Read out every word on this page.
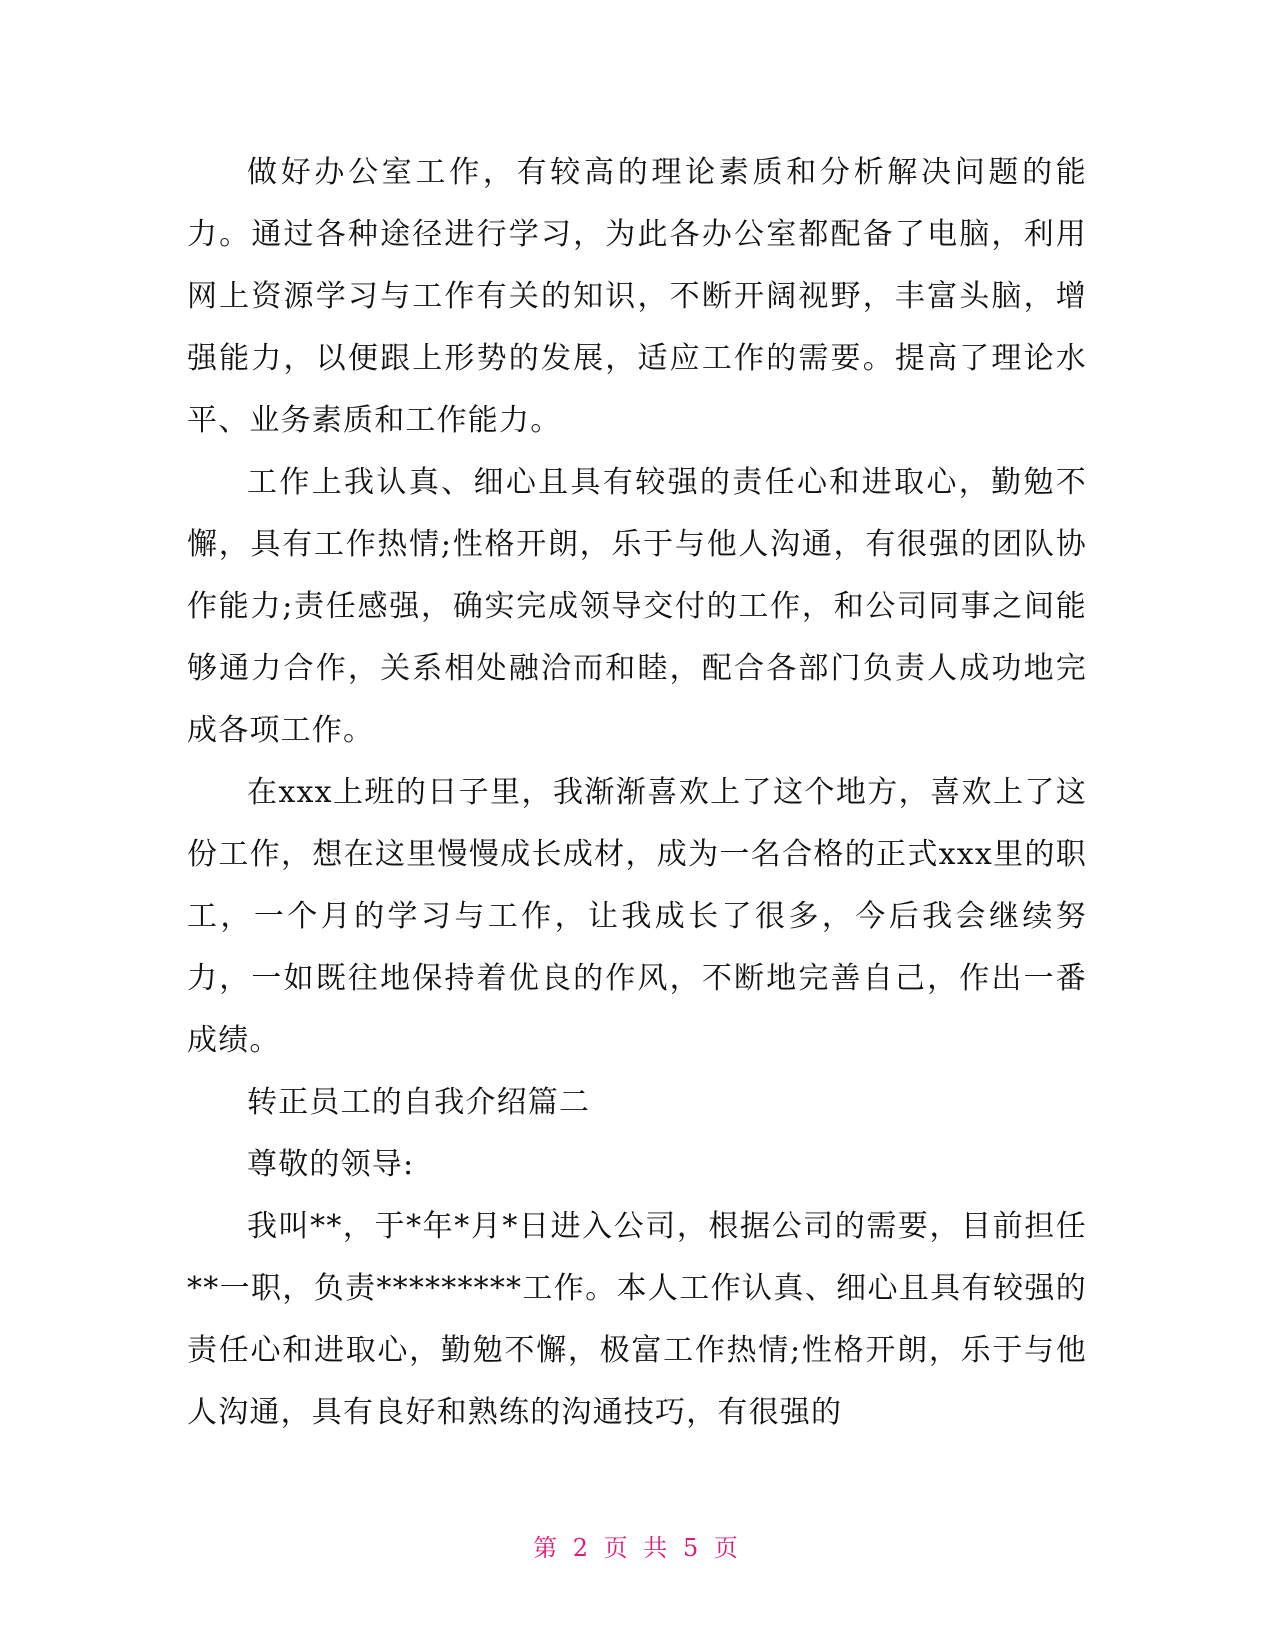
做好办公室工作，有较高的理论素质和分析解决问题的能力。通过各种途径进行学习，为此各办公室都配备了电脑，利用网上资源学习与工作有关的知识，不断开阔视野，丰富头脑，增强能力，以便跟上形势的发展，适应工作的需要。提高了理论水平、业务素质和工作能力。

工作上我认真、细心且具有较强的责任心和进取心，勤勉不懈，具有工作热情;性格开朗，乐于与他人沟通，有很强的团队协作能力;责任感强，确实完成领导交付的工作，和公司同事之间能够通力合作，关系相处融洽而和睦，配合各部门负责人成功地完成各项工作。

在xxx上班的日子里，我渐渐喜欢上了这个地方，喜欢上了这份工作，想在这里慢慢成长成材，成为一名合格的正式xxx里的职工，一个月的学习与工作，让我成长了很多，今后我会继续努力，一如既往地保持着优良的作风，不断地完善自己，作出一番成绩。

转正员工的自我介绍篇二

尊敬的领导:

我叫**，于*年*月*日进入公司，根据公司的需要，目前担任**一职，负责*********工作。本人工作认真、细心且具有较强的责任心和进取心，勤勉不懈，极富工作热情;性格开朗，乐于与他人沟通，具有良好和熟练的沟通技巧，有很强的

第 2 页 共 5 页
